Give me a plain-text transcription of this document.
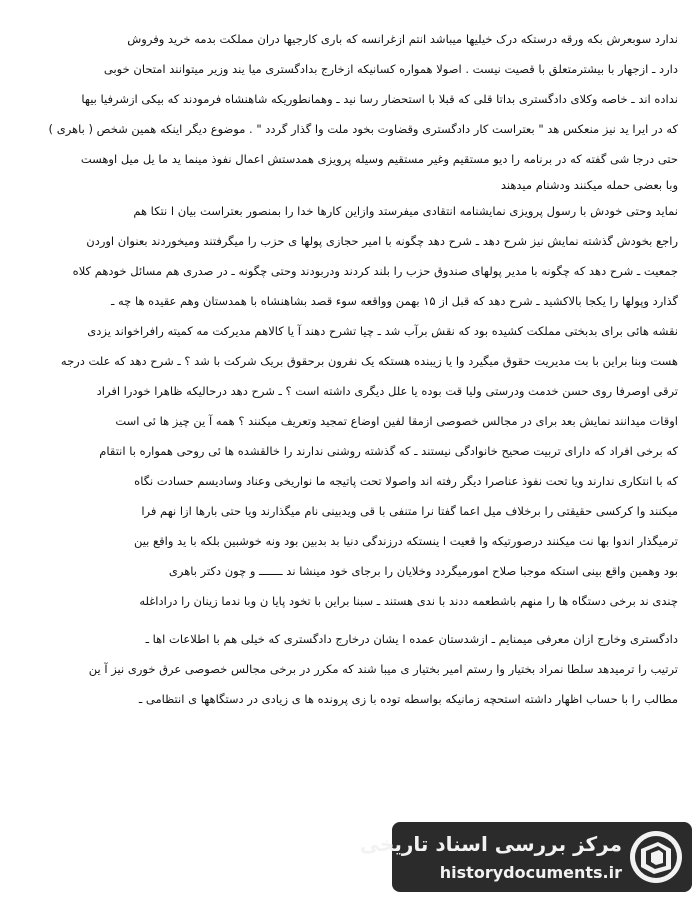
ندارد سوبعرش بکه ورقه درستکه درک خیلیها میباشد انتم ازغرانسه که باری کارجیها دران مملکت بدمه خرید وفروش
دارد ـ ازجهار با بیشترمتعلق با قصیت نیست . اصولا همواره کسانیکه ازخارج بدادگستری میا یند وزیر میتوانند امتحان خوبی
نداده اند ـ خاصه وکلای دادگستری بداتا قلی که قبلا با استحضار رسا نید ـ وهمانطوریکه شاهنشاه فرمودند که بیکی ازشرفیا بیها
که در ایرا ید نیز منعکس هد " بعتراست کار دادگستری وقضاوت بخود ملت وا گذار گردد " . موضوع دیگر اینکه همین شخص ( باهری )
حتی درجا شی گفته که در برنامه را دیو مستقیم وغیر مستقیم وسیله پرویزی همدستش اعمال نفوذ مینما ید ما یل میل اوهست
وبا بعضی حمله میکنند ودشنام میدهند
نماید وحتی خودش با رسول پرویزی نمایشنامه انتقادی میفرستد وازاین کارها خدا را بمنصور بعتراست بیان ا نتکا هم
راجع بخودش گذشته نمایش نیز شرح دهد ـ شرح دهد چگونه با امیر حجازی پولها ی حزب را میگرفتند ومیخوردند بعنوان اوردن
جمعیت ـ شرح دهد که چگونه با مدیر پولهای صندوق حزب را بلند کردند ودربودند وحتی چگونه ـ در صدری هم مسائل خودهم کلاه
گذارد وپولها را یکجا بالاکشید ـ شرح دهد که قبل از ۱۵ بهمن وواقعه سوء قصد بشاهنشاه با همدستان وهم عقیده ها چه ـ
نقشه هائی برای بدبختی مملکت کشیده بود که نقش برآب شد ـ چیا تشرح دهند آ یا کالاهم مدیرکت مه کمیته رافراخواند یزدی
هست وبنا براین با بت مدیریت حقوق میگیرد وا یا زیبنده هستکه یک نفرون برحقوق بریک شرکت با شد ؟ ـ شرح دهد که علت درجه
ترقی اوصرفا روی حسن خدمت ودرستی وليا قت بوده يا علل دیگری داشته است ؟ ـ شرح دهد درحالیکه ظاهرا خودرا افراد
اوقات میدانند نمایش بعد برای در مجالس خصوصی ازمقا لفین اوضاع تمجید وتعریف میکنند ؟ همه آ ین چیز ها ئی است
که برخی افراد که دارای تربیت صحیح خانوادگی نیستند ـ که گذشته روشنی ندارند را خالقشده ها ئی روحی همواره با انتقام
که با انتکاری ندارند ویا تحت نفوذ عناصرا دیگر رفته اند واصولا تحت پاتیجه ما نواریخی وعناد وسادیسم حسادت نگاه
میکنند وا کرکسی حقیقتی را برخلاف میل اعما گفتا نرا متنفی با قی ویدبینی نام میگذارند ویا حتی بارها ازا نهم فرا
ترمیگذار اندوا بها نت میکنند درصورتیکه وا قعیت ا ینستکه درزندگی دنیا بد بدبین بود ونه خوشبین بلکه با ید واقع بین
بود وهمین واقع بینی استکه موجبا صلاح امورمیگردد وخلایان را برجای خود مینشا ند ـــــــ و چون دکتر باهری
چندی ند برخی دستگاه ها را منهم باشطعمه ددند با ندی هستند ـ سبنا براین با تخود پایا ن وبا ندما زینان را دراداغله
دادگستری وخارج ازان معرفی میمنایم ـ ازشدستان عمده ا یشان درخارج دادگستری که خیلی هم با اطلاعات اها ـ
ترتیب را ترمیدهد سلطا نمراد بختیار وا رستم امیر بختیار ی میبا شند که مکرر در برخی مجالس خصوصی عرق خوری نیز آ ین
مطالب را با حساب اظهار داشته استحچه زمانیکه بواسطه توده با زی پرونده ها ی زیادی در دستگاهها ی انتظامی ـ
مرکز بررسی اسناد تاریخی
historydocuments.ir
